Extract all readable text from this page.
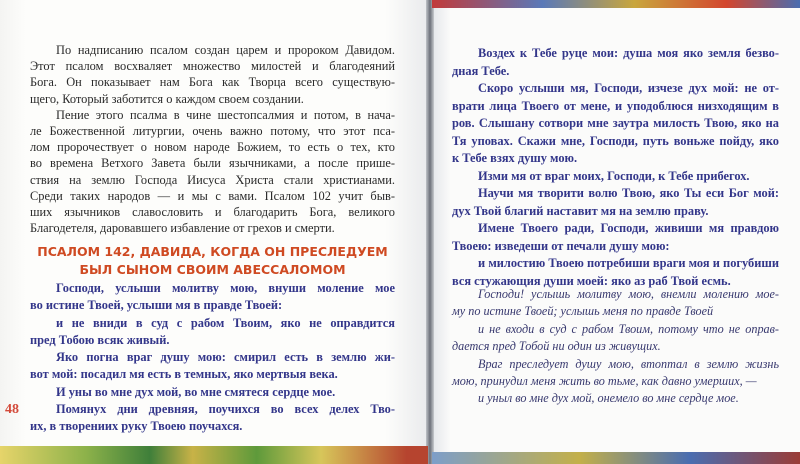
По надписанию псалом создан царем и пророком Давидом.
Этот псалом восхваляет множество милостей и благодеяний
Бога. Он показывает нам Бога как Творца всего существую-
щего, Который заботится о каждом своем создании.
Пение этого псалма в чине шестопсалмия и потом, в нача-
ле Божественной литургии, очень важно потому, что этот пса-
лом пророчествует о новом народе Божием, то есть о тех, кто
во времена Ветхого Завета были язычниками, а после прише-
ствия на землю Господа Иисуса Христа стали христианами.
Среди таких народов — и мы с вами. Псалом 102 учит быв-
ших язычников славословить и благодарить Бога, великого
Благодетеля, даровавшего избавление от грехов и смерти.
ПСАЛОМ 142, ДАВИДА, КОГДА ОН ПРЕСЛЕДУЕМ
БЫЛ СЫНОМ СВОИМ АВЕССАЛОМОМ
Господи, услыши молитву мою, внуши моление мое
во истине Твоей, услыши мя в правде Твоей:
и не вниди в суд с рабом Твоим, яко не оправдится
пред Тобою всяк живый.
Яко погна враг душу мою: смирил есть в землю жи-
вот мой: посадил мя есть в темных, яко мертвыя века.
И уны во мне дух мой, во мне смятеся сердце мое.
Помянух дни древняя, поучихся во всех делех Тво-
их, в творениих руку Твоею поучахся.
48
Воздех к Тебе руце мои: душа моя яко земля безво-
дная Тебе.
Скоро услыши мя, Господи, изчезе дух мой: не от-
врати лица Твоего от мене, и уподоблюся низходящим в
ров. Слышану сотвори мне заутра милость Твою, яко на
Тя уповах. Скажи мне, Господи, путь воньже пойду, яко
к Тебе взях душу мою.
Изми мя от враг моих, Господи, к Тебе прибегох.
Научи мя творити волю Твою, яко Ты еси Бог мой:
дух Твой благий наставит мя на землю праву.
Имене Твоего ради, Господи, живиши мя правдою
Твоею: изведеши от печали душу мою:
и милостию Твоею потребиши враги моя и погубиши
вся стужающия души моей: яко аз раб Твой есмь.
Господи! услышь молитву мою, внемли молению мое-
му по истине Твоей; услышь меня по правде Твоей
и не входи в суд с рабом Твоим, потому что не оправ-
дается пред Тобой ни один из живущих.
Враг преследует душу мою, втоптал в землю жизнь
мою, принудил меня жить во тьме, как давно умерших, —
и уныл во мне дух мой, онемело во мне сердце мое.
